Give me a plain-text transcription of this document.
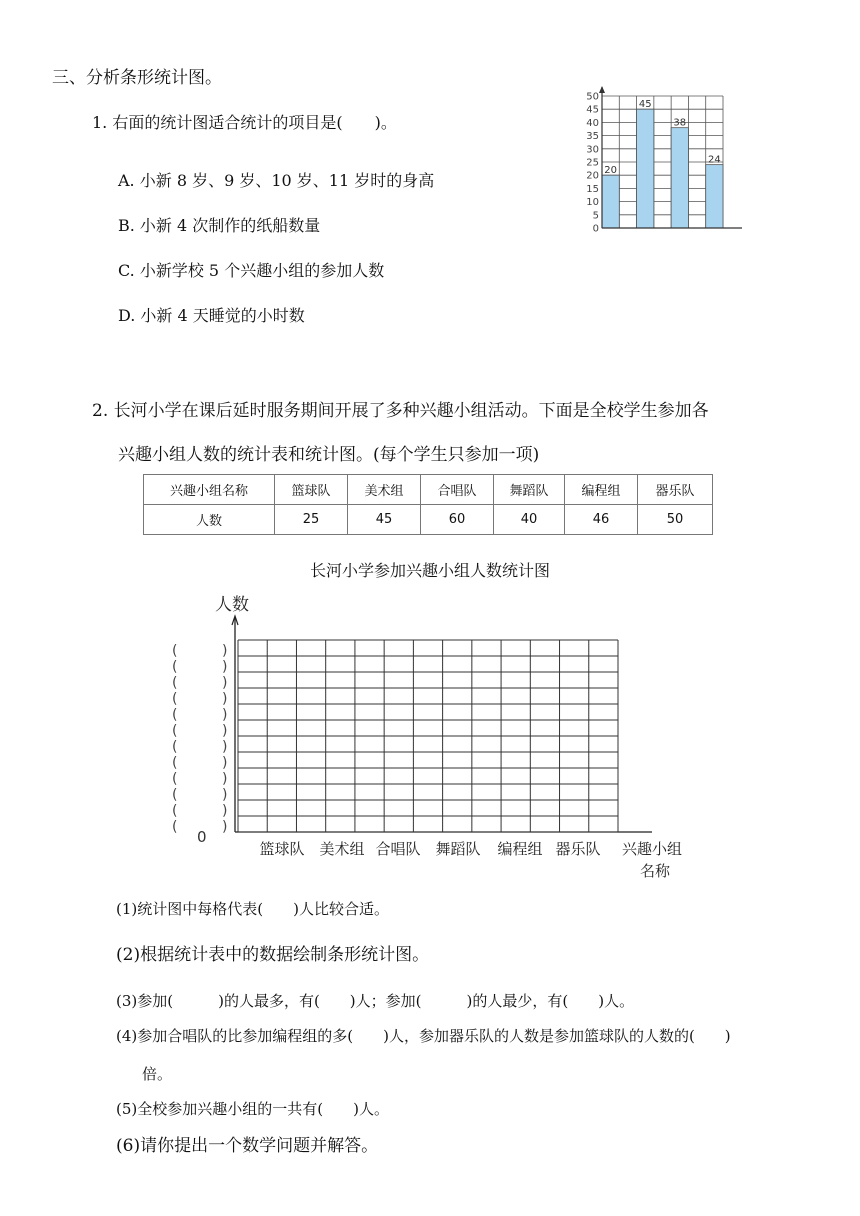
三、分析条形统计图。
1. 右面的统计图适合统计的项目是(　　)。
A. 小新 8 岁、9 岁、10 岁、11 岁时的身高
B. 小新 4 次制作的纸船数量
C. 小新学校 5 个兴趣小组的参加人数
D. 小新 4 天睡觉的小时数
20
45
38
24
0
5
10
15
20
25
30
35
40
45
50
2. 长河小学在课后延时服务期间开展了多种兴趣小组活动。下面是全校学生参加各
兴趣小组人数的统计表和统计图。(每个学生只参加一项)
兴趣小组名称	篮球队	美术组	合唱队	舞蹈队	编程组	器乐队
人数	25	45	60	40	46	50
长河小学参加兴趣小组人数统计图
人数
0
(	)
(	)
(	)
(	)
(	)
(	)
(	)
(	)
(	)
(	)
(	)
(	)
篮球队 美术组 合唱队 舞蹈队 编程组 器乐队 兴趣小组
名称
(1)统计图中每格代表(　　)人比较合适。
(2)根据统计表中的数据绘制条形统计图。
(3)参加(　　　)的人最多，有(　　)人；参加(　　　)的人最少，有(　　)人。
(4)参加合唱队的比参加编程组的多(　　)人，参加器乐队的人数是参加篮球队的人数的(　　)
倍。
(5)全校参加兴趣小组的一共有(　　)人。
(6)请你提出一个数学问题并解答。
